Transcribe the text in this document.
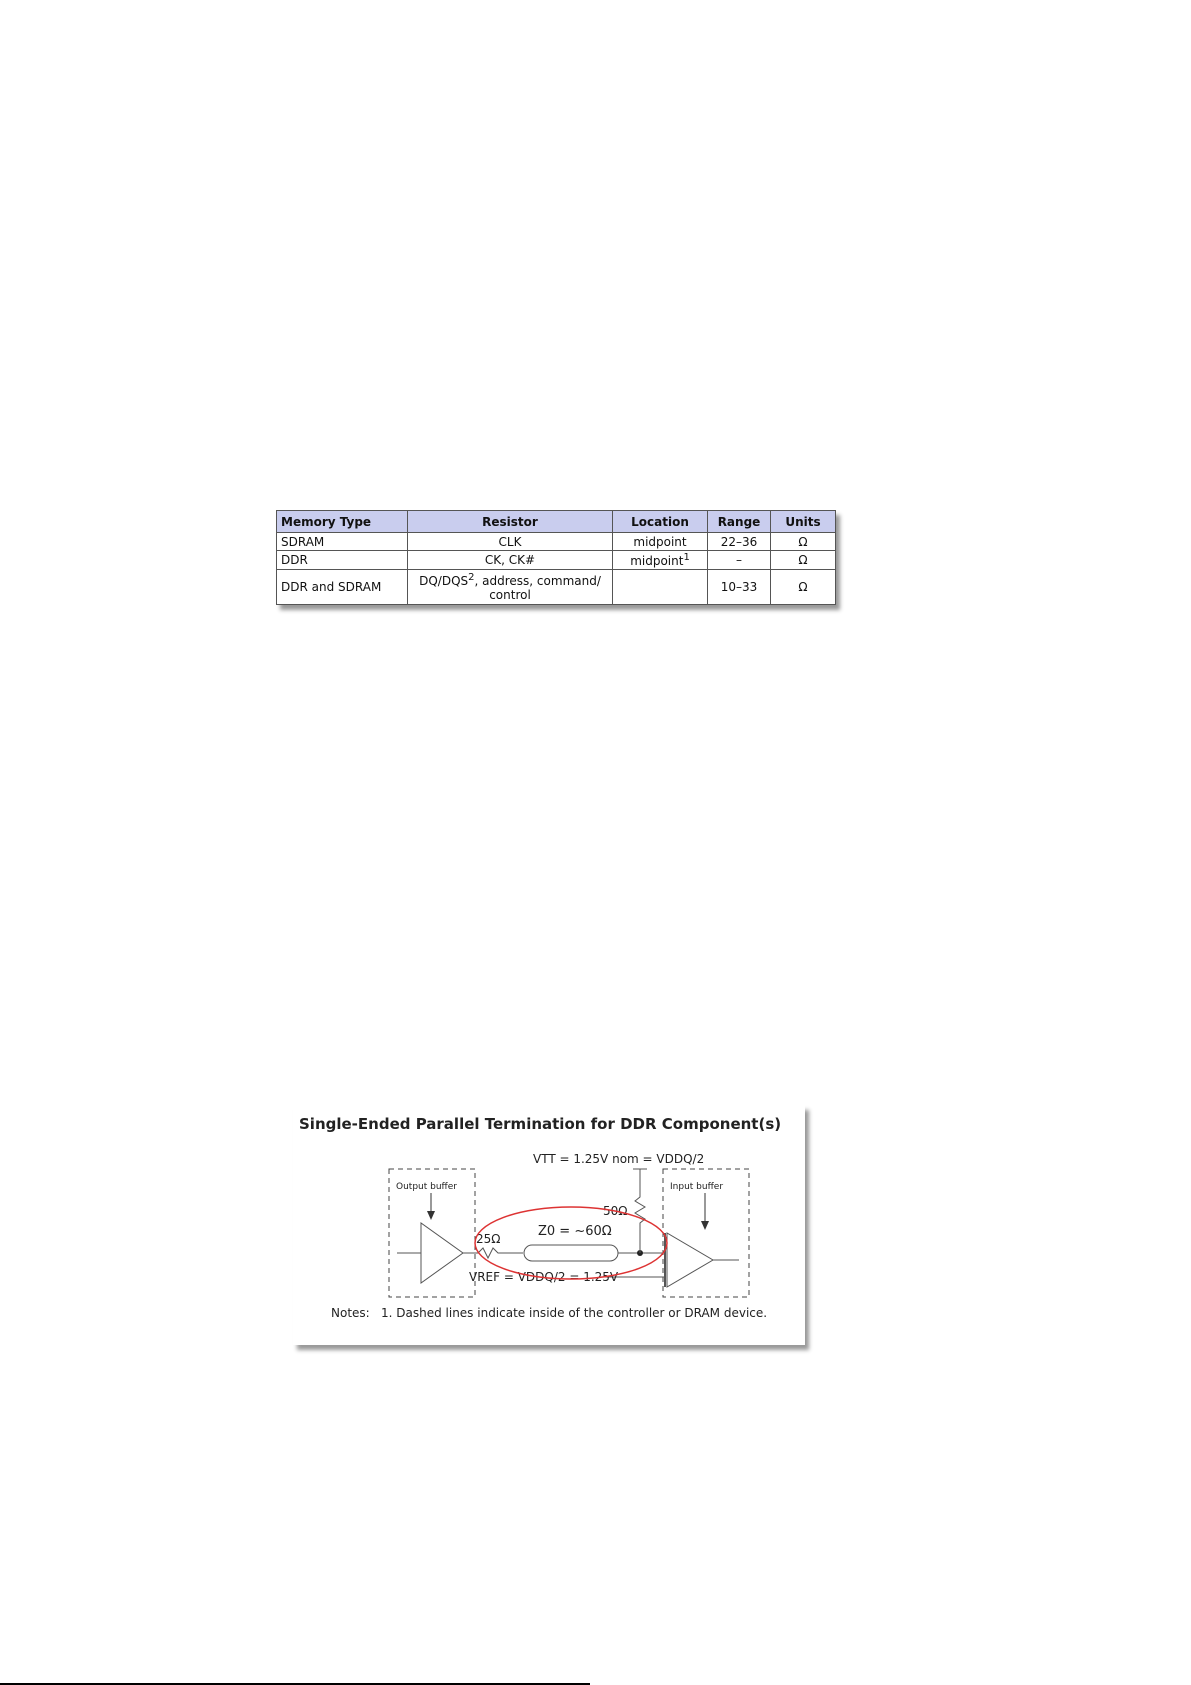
Memory Type	Resistor	Location	Range	Units
SDRAM	CLK	midpoint	22–36	Ω
DDR	CK, CK#	midpoint$^1$	–	Ω
DDR and SDRAM	DQ/DQS$^2$, address, command/ control		10–33	Ω
Single-Ended Parallel Termination for DDR Component(s)
VTT = 1.25V nom = VDDQ/2
Output buffer	Input buffer
25Ω	Z0 = ~60Ω
50Ω
VREF = VDDQ/2 = 1.25V
Notes: 1. Dashed lines indicate inside of the controller or DRAM device.
